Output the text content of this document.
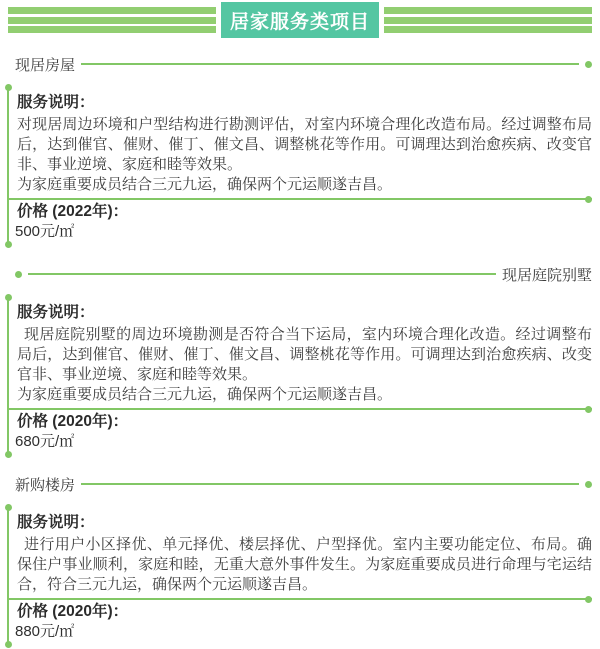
居家服务类项目
现居房屋
服务说明：

对现居周边环境和户型结构进行勘测评估，对室内环境合理化改造布局。经过调整布局后，达到催官、催财、催丁、催文昌、调整桃花等作用。可调理达到治愈疾病、改变官非、事业逆境、家庭和睦等效果。

为家庭重要成员结合三元九运，确保两个元运顺遂吉昌。

价格 (2022年)：

500元/㎡

现居庭院别墅
服务说明：

现居庭院别墅的周边环境勘测是否符合当下运局，室内环境合理化改造。经过调整布局后，达到催官、催财、催丁、催文昌、调整桃花等作用。可调理达到治愈疾病、改变官非、事业逆境、家庭和睦等效果。

为家庭重要成员结合三元九运，确保两个元运顺遂吉昌。

价格 (2020年)：

680元/㎡

新购楼房
服务说明：

进行用户小区择优、单元择优、楼层择优、户型择优。室内主要功能定位、布局。确保住户事业顺利，家庭和睦，无重大意外事件发生。为家庭重要成员进行命理与宅运结合，符合三元九运，确保两个元运顺遂吉昌。

价格 (2020年)：

880元/㎡
